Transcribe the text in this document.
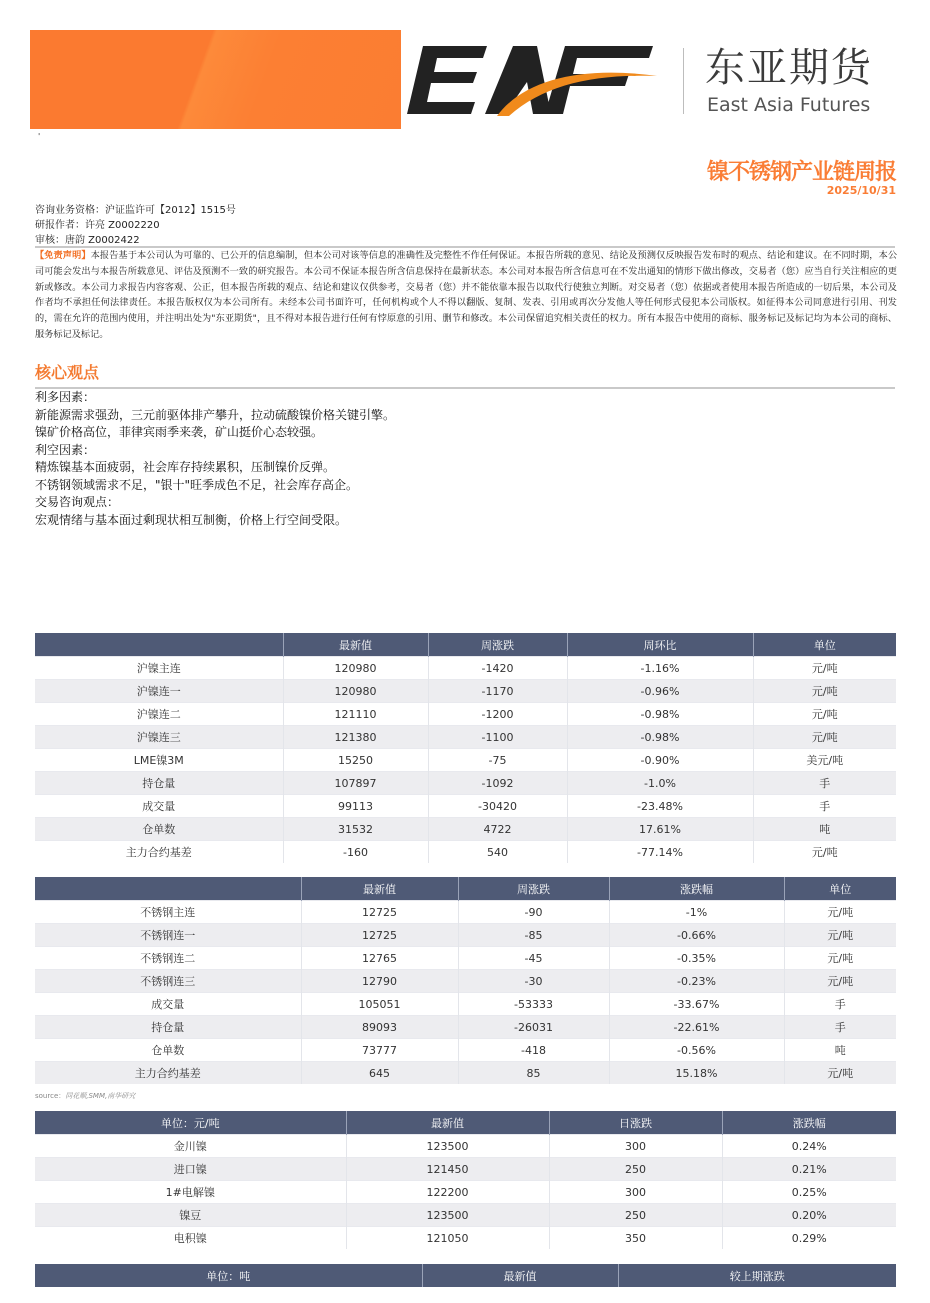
东亚期货
East Asia Futures
'
镍不锈钢产业链周报
2025/10/31
咨询业务资格：沪证监许可【2012】1515号
研报作者：许亮 Z0002220
审核：唐韵 Z0002422
【免责声明】本报告基于本公司认为可靠的、已公开的信息编制，但本公司对该等信息的准确性及完整性不作任何保证。本报告所载的意见、结论及预测仅反映报告发布时的观点、结论和建议。在不同时期，本公司可能会发出与本报告所载意见、评估及预测不一致的研究报告。本公司不保证本报告所含信息保持在最新状态。本公司对本报告所含信息可在不发出通知的情形下做出修改，交易者（您）应当自行关注相应的更新或修改。本公司力求报告内容客观、公正，但本报告所载的观点、结论和建议仅供参考，交易者（您）并不能依靠本报告以取代行使独立判断。对交易者（您）依据或者使用本报告所造成的一切后果，本公司及作者均不承担任何法律责任。本报告版权仅为本公司所有。未经本公司书面许可，任何机构或个人不得以翻版、复制、发表、引用或再次分发他人等任何形式侵犯本公司版权。如征得本公司同意进行引用、刊发的，需在允许的范围内使用，并注明出处为"东亚期货"，且不得对本报告进行任何有悖原意的引用、删节和修改。本公司保留追究相关责任的权力。所有本报告中使用的商标、服务标记及标记均为本公司的商标、服务标记及标记。
核心观点
利多因素：
新能源需求强劲，三元前驱体排产攀升，拉动硫酸镍价格关键引擎。
镍矿价格高位，菲律宾雨季来袭，矿山挺价心态较强。
利空因素：
精炼镍基本面疲弱，社会库存持续累积，压制镍价反弹。
不锈钢领域需求不足，"银十"旺季成色不足，社会库存高企。
交易咨询观点：
宏观情绪与基本面过剩现状相互制衡，价格上行空间受限。
	最新值	周涨跌	周环比	单位
沪镍主连	120980	-1420	-1.16%	元/吨
沪镍连一	120980	-1170	-0.96%	元/吨
沪镍连二	121110	-1200	-0.98%	元/吨
沪镍连三	121380	-1100	-0.98%	元/吨
LME镍3M	15250	-75	-0.90%	美元/吨
持仓量	107897	-1092	-1.0%	手
成交量	99113	-30420	-23.48%	手
仓单数	31532	4722	17.61%	吨
主力合约基差	-160	540	-77.14%	元/吨
	最新值	周涨跌	涨跌幅	单位
不锈钢主连	12725	-90	-1%	元/吨
不锈钢连一	12725	-85	-0.66%	元/吨
不锈钢连二	12765	-45	-0.35%	元/吨
不锈钢连三	12790	-30	-0.23%	元/吨
成交量	105051	-53333	-33.67%	手
持仓量	89093	-26031	-22.61%	手
仓单数	73777	-418	-0.56%	吨
主力合约基差	645	85	15.18%	元/吨
source：同花顺,SMM,南华研究
单位：元/吨	最新值	日涨跌	涨跌幅
金川镍	123500	300	0.24%
进口镍	121450	250	0.21%
1#电解镍	122200	300	0.25%
镍豆	123500	250	0.20%
电积镍	121050	350	0.29%
单位：吨	最新值	较上期涨跌
